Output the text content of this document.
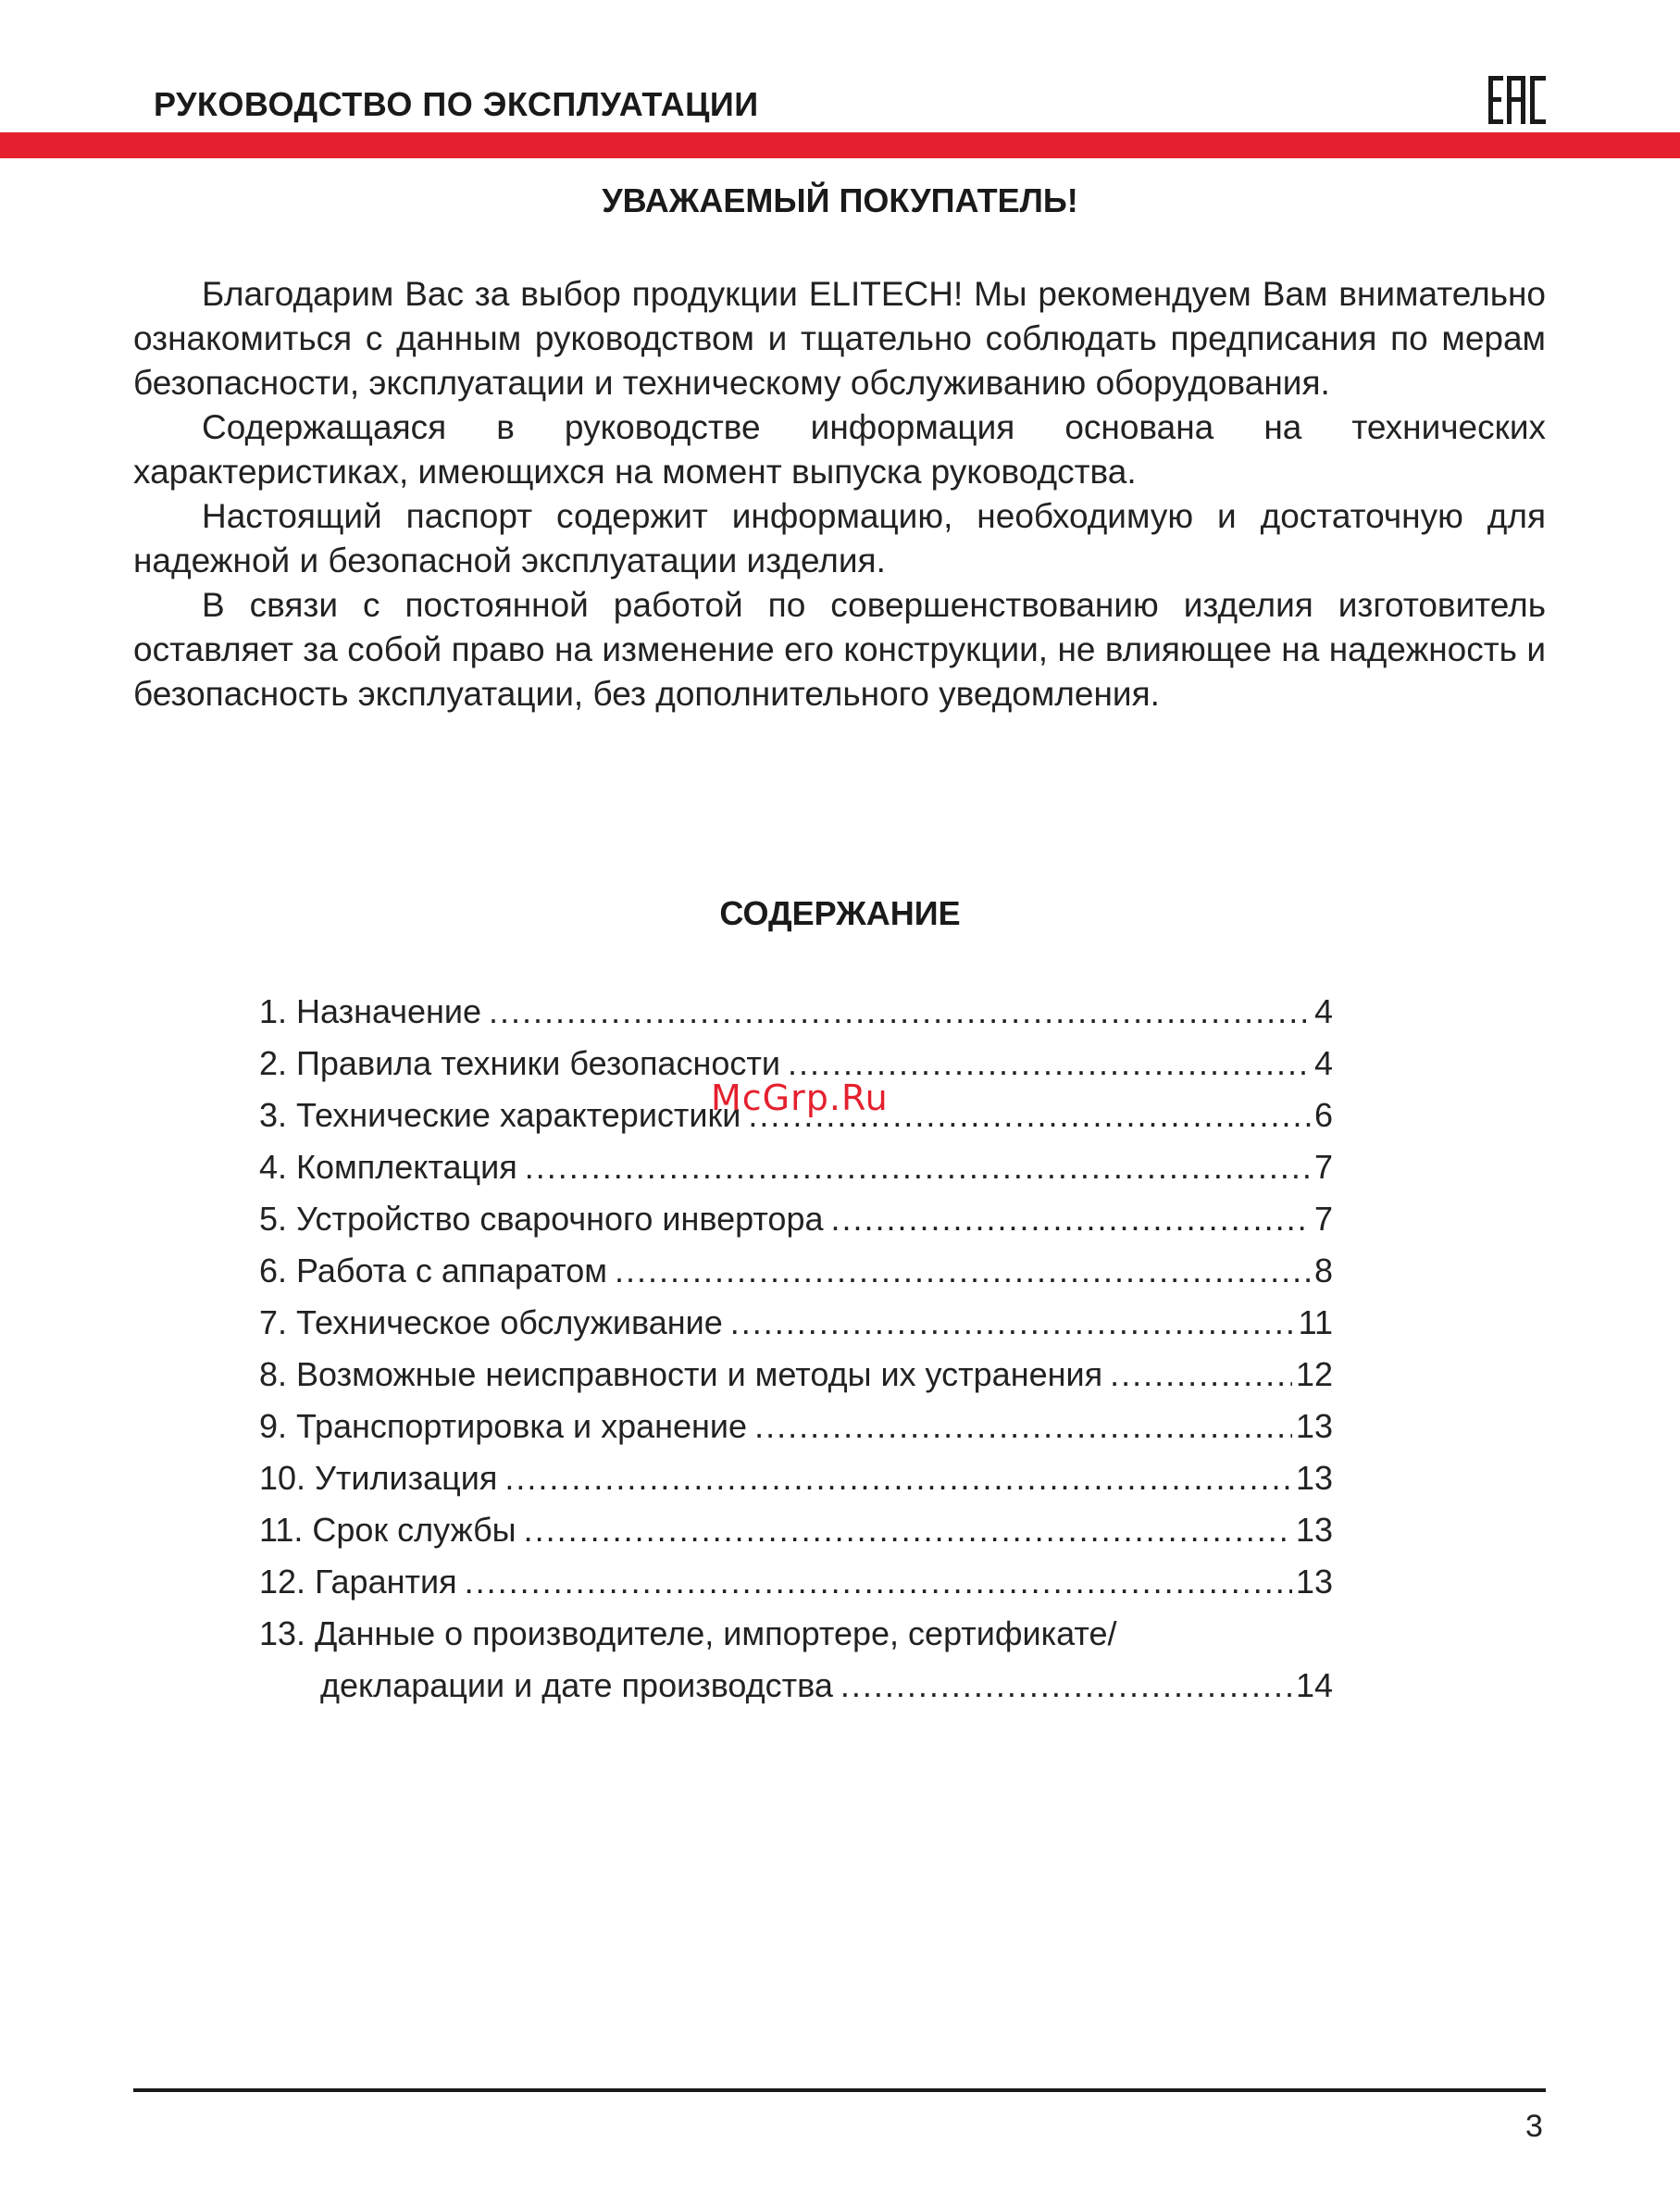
РУКОВОДСТВО ПО ЭКСПЛУАТАЦИИ
УВАЖАЕМЫЙ ПОКУПАТЕЛЬ!

Благодарим Вас за выбор продукции ELITECH! Мы рекомендуем Вам внимательно ознакомиться с данным руководством и тщательно соблюдать предписания по мерам безопасности, эксплуатации и техническому обслуживанию оборудования.

Содержащаяся в руководстве информация основана на технических характеристиках, имеющихся на момент выпуска руководства.

Настоящий паспорт содержит информацию, необходимую и достаточную для надежной и безопасной эксплуатации изделия.

В связи с постоянной работой по совершенствованию изделия изготовитель оставляет за собой право на изменение его конструкции, не влияющее на надежность и безопасность эксплуатации, без дополнительного уведомления.

СОДЕРЖАНИЕ
1. Назначение .....	4
2. Правила техники безопасности .....	4
3. Технические характеристики .....	6
4. Комплектация .....	7
5. Устройство сварочного инвертора .....	7
6. Работа с аппаратом .....	8
7. Техническое обслуживание .....	11
8. Возможные неисправности и методы их устранения .....	12
9. Транспортировка и хранение .....	13
10. Утилизация .....	13
11. Срок службы .....	13
12. Гарантия .....	13
13. Данные о производителе, импортере, сертификате/
декларации и дате производства .....	14
McGrp.Ru
3
